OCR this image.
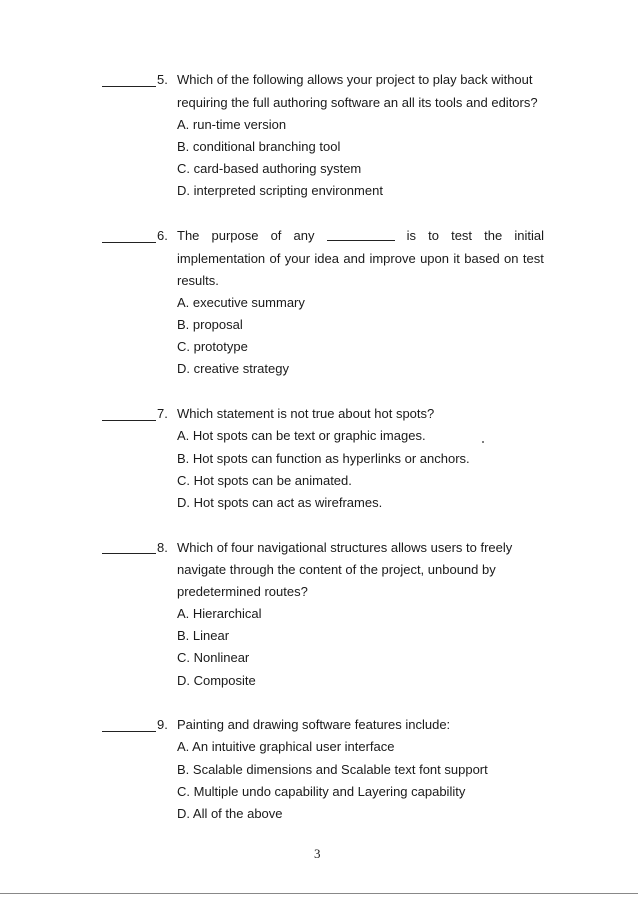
5. Which of the following allows your project to play back without
requiring the full authoring software an all its tools and editors?
A. run-time version
B. conditional branching tool
C. card-based authoring system
D. interpreted scripting environment
6. The purpose of any	is to test the initial
implementation of your idea and improve upon it based on test
results.
A. executive summary
B. proposal
C. prototype
D. creative strategy
7. Which statement is not true about hot spots?
A. Hot spots can be text or graphic images.
B. Hot spots can function as hyperlinks or anchors.
C. Hot spots can be animated.
D. Hot spots can act as wireframes.
8. Which of four navigational structures allows users to freely
navigate through the content of the project, unbound by
predetermined routes?
A. Hierarchical
B. Linear
C. Nonlinear
D. Composite
9. Painting and drawing software features include:
A. An intuitive graphical user interface
B. Scalable dimensions and Scalable text font support
C. Multiple undo capability and Layering capability
D. All of the above
3
